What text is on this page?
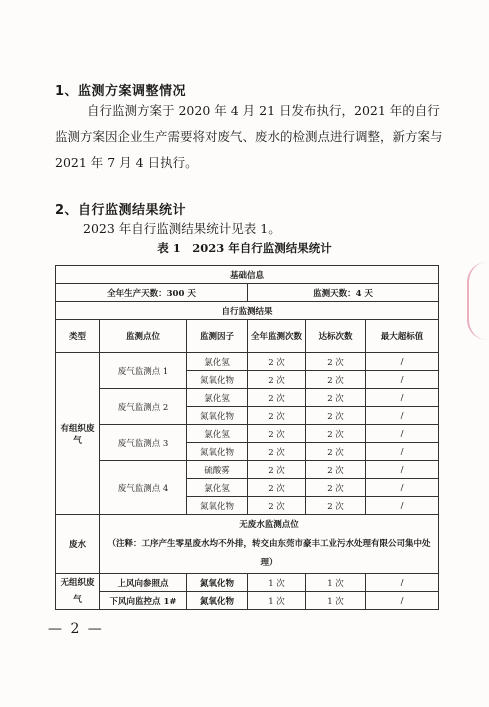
1、监测方案调整情况
自行监测方案于 2020 年 4 月 21 日发布执行，2021 年的自行监测方案因企业生产需要将对废气、废水的检测点进行调整，新方案与 2021 年 7 月 4 日执行。
2、自行监测结果统计
2023 年自行监测结果统计见表 1。
表 1　2023 年自行监测结果统计
基础信息					
全年生产天数：300 天			监测天数：4 天		
自行监测结果					
类型	监测点位	监测因子	全年监测次数	达标次数	最大超标值
有组织废气	废气监测点 1	氯化氢	2 次	2 次	/
		氮氧化物	2 次	2 次	/
	废气监测点 2	氯化氢	2 次	2 次	/
		氮氧化物	2 次	2 次	/
	废气监测点 3	氯化氢	2 次	2 次	/
		氮氧化物	2 次	2 次	/
	废气监测点 4	硫酸雾	2 次	2 次	/
		氯化氢	2 次	2 次	/
		氮氧化物	2 次	2 次	/
废水	无废水监测点位
（注释：工序产生零星废水均不外排，转交由东莞市豪丰工业污水处理有限公司集中处理）				

无组织废气	上风向参照点	氮氧化物	1 次	1 次	/
	下风向监控点 1#	氮氧化物	1 次	1 次	/

— 2 —
